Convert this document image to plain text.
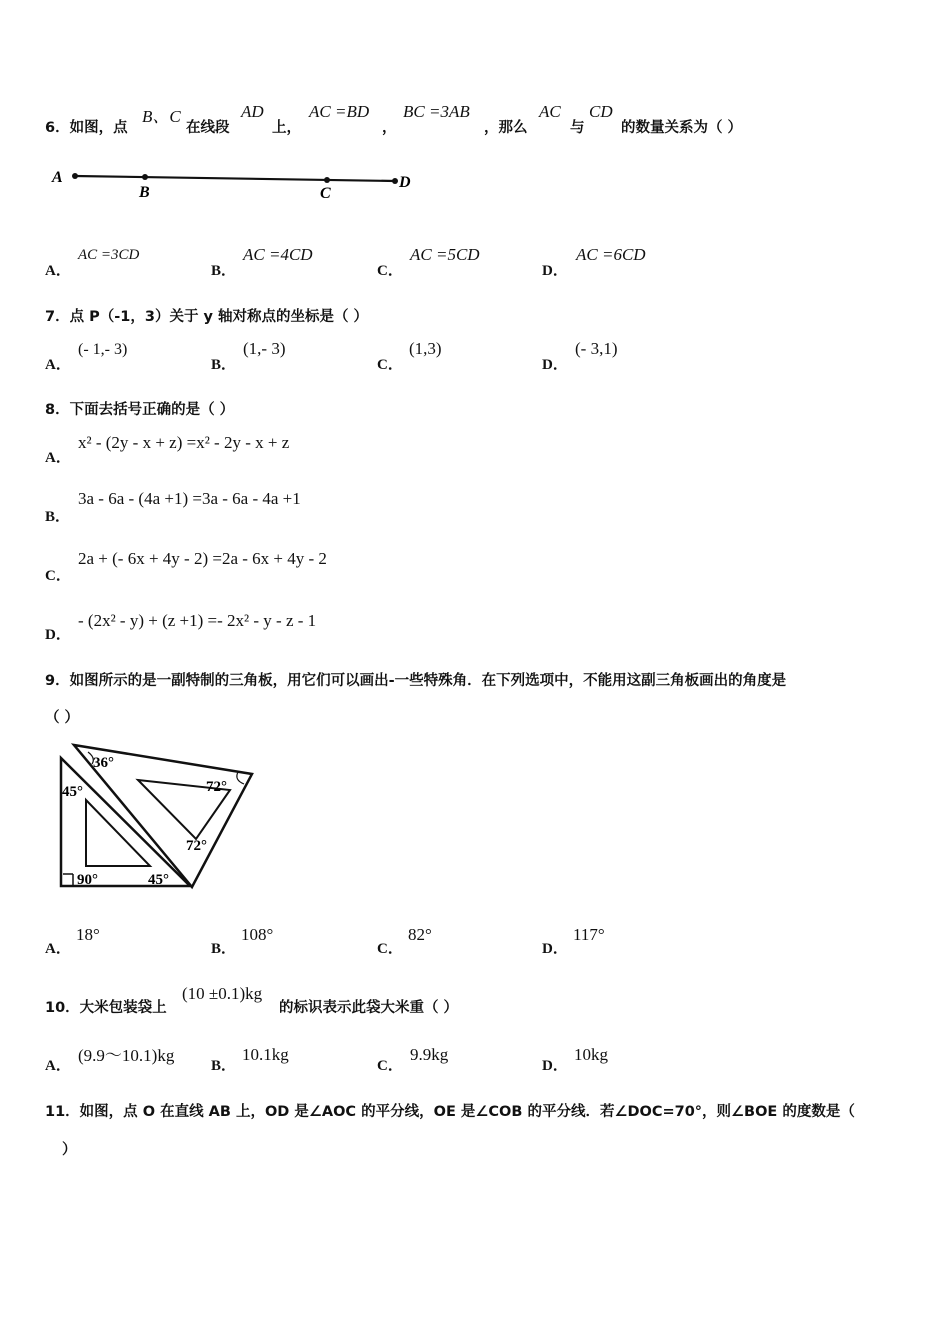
6．如图，点
B、C
在线段
AD
上，
AC =BD
，
BC =3AB
，那么
AC
与
CD
的数量关系为（ ）
A
B	C
D
A．
AC =3CD
B．
AC =4CD
C．
AC =5CD
D．
AC =6CD
7．点 P（-1，3）关于 y 轴对称点的坐标是（ ）
A．
(- 1,- 3)
B．
(1,- 3)
C．
(1,3)
D．
(- 3,1)
8．下面去括号正确的是（ ）
A．
x² - (2y - x + z) =x² - 2y - x + z
B．
3a - 6a - (4a +1) =3a - 6a - 4a +1
C．
2a + (- 6x + 4y - 2) =2a - 6x + 4y - 2
D．
- (2x² - y) + (z +1) =- 2x² - y - z - 1
9．如图所示的是一副特制的三角板，用它们可以画出-一些特殊角．在下列选项中，不能用这副三角板画出的角度是
（ ）
36°
72°
72°
45°
45°
90°
A．
18°
B．
108°
C．
82°
D．
117°
10．大米包装袋上
(10 ±0.1)kg
的标识表示此袋大米重（ ）
A．
(9.9～10.1)kg
B．
10.1kg
C．
9.9kg
D．
10kg
11．如图，点 O 在直线 AB 上，OD 是∠AOC 的平分线，OE 是∠COB 的平分线．若∠DOC=70°，则∠BOE 的度数是（
）
